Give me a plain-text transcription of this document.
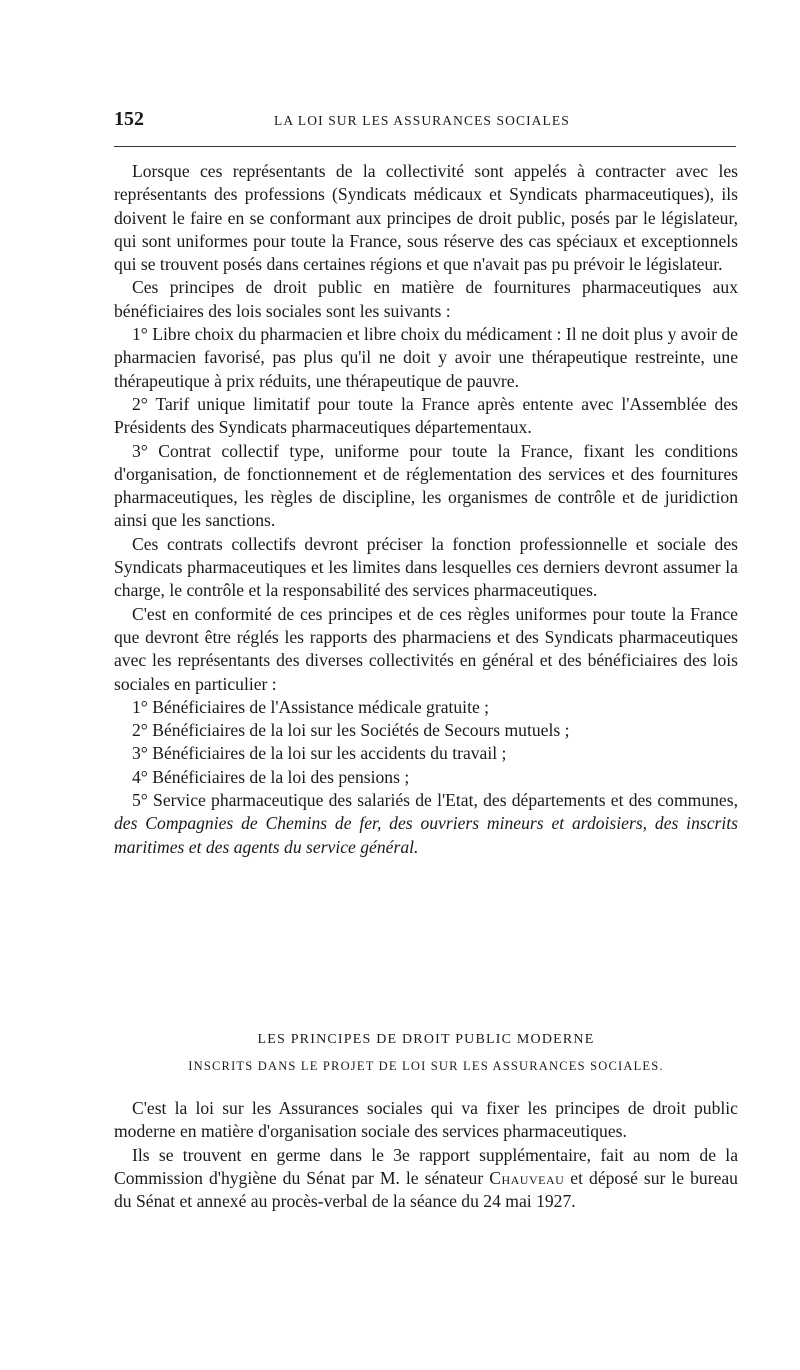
152	LA LOI SUR LES ASSURANCES SOCIALES

Lorsque ces représentants de la collectivité sont appelés à contracter avec les représentants des professions (Syndicats médicaux et Syndicats pharmaceutiques), ils doivent le faire en se conformant aux principes de droit public, posés par le législateur, qui sont uniformes pour toute la France, sous réserve des cas spéciaux et exceptionnels qui se trouvent posés dans certaines régions et que n'avait pas pu prévoir le législateur.

Ces principes de droit public en matière de fournitures pharmaceutiques aux bénéficiaires des lois sociales sont les suivants :

1° Libre choix du pharmacien et libre choix du médicament : Il ne doit plus y avoir de pharmacien favorisé, pas plus qu'il ne doit y avoir une thérapeutique restreinte, une thérapeutique à prix réduits, une thérapeutique de pauvre.

2° Tarif unique limitatif pour toute la France après entente avec l'Assemblée des Présidents des Syndicats pharmaceutiques départementaux.

3° Contrat collectif type, uniforme pour toute la France, fixant les conditions d'organisation, de fonctionnement et de réglementation des services et des fournitures pharmaceutiques, les règles de discipline, les organismes de contrôle et de juridiction ainsi que les sanctions.

Ces contrats collectifs devront préciser la fonction professionnelle et sociale des Syndicats pharmaceutiques et les limites dans lesquelles ces derniers devront assumer la charge, le contrôle et la responsabilité des services pharmaceutiques.

C'est en conformité de ces principes et de ces règles uniformes pour toute la France que devront être réglés les rapports des pharmaciens et des Syndicats pharmaceutiques avec les représentants des diverses collectivités en général et des bénéficiaires des lois sociales en particulier :

1° Bénéficiaires de l'Assistance médicale gratuite ;

2° Bénéficiaires de la loi sur les Sociétés de Secours mutuels ;

3° Bénéficiaires de la loi sur les accidents du travail ;

4° Bénéficiaires de la loi des pensions ;

5° Service pharmaceutique des salariés de l'Etat, des départements et des communes, des Compagnies de Chemins de fer, des ouvriers mineurs et ardoisiers, des inscrits maritimes et des agents du service général.

LES PRINCIPES DE DROIT PUBLIC MODERNE
INSCRITS DANS LE PROJET DE LOI SUR LES ASSURANCES SOCIALES.

C'est la loi sur les Assurances sociales qui va fixer les principes de droit public moderne en matière d'organisation sociale des services pharmaceutiques.

Ils se trouvent en germe dans le 3e rapport supplémentaire, fait au nom de la Commission d'hygiène du Sénat par M. le sénateur Chauveau et déposé sur le bureau du Sénat et annexé au procès-verbal de la séance du 24 mai 1927.
